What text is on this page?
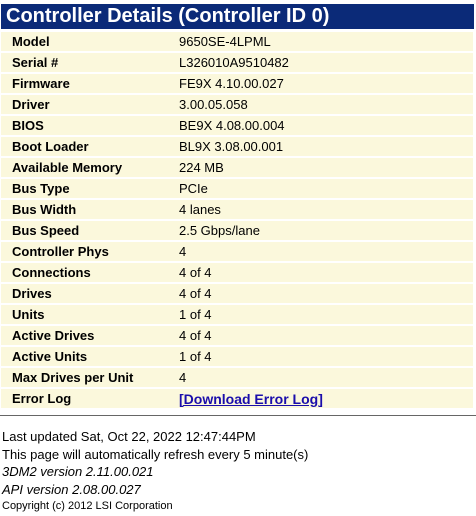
Controller Details (Controller ID 0)
Model	9650SE-4LPML
Serial #	L326010A9510482
Firmware	FE9X 4.10.00.027
Driver	3.00.05.058
BIOS	BE9X 4.08.00.004
Boot Loader	BL9X 3.08.00.001
Available Memory	224 MB
Bus Type	PCIe
Bus Width	4 lanes
Bus Speed	2.5 Gbps/lane
Controller Phys	4
Connections	4 of 4
Drives	4 of 4
Units	1 of 4
Active Drives	4 of 4
Active Units	1 of 4
Max Drives per Unit	4
Error Log	[Download Error Log]
Last updated Sat, Oct 22, 2022 12:47:44PM
This page will automatically refresh every 5 minute(s)
3DM2 version 2.11.00.021
API version 2.08.00.027
Copyright (c) 2012 LSI Corporation
